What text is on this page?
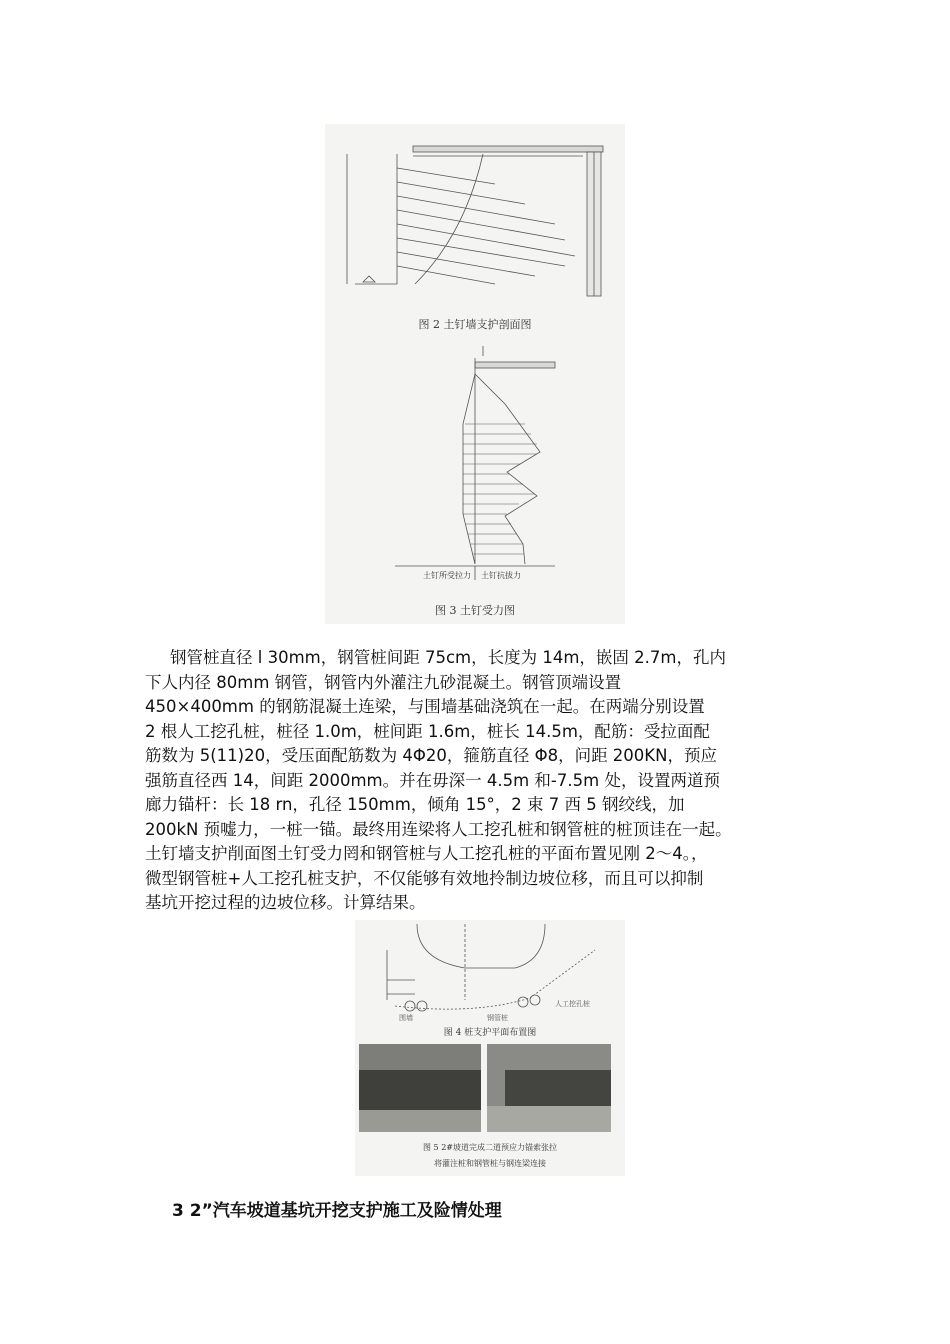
图 2 土钉墙支护剖面图
土钉所受拉力 土钉抗拔力
图 3 土钉受力图

钢管桩直径 l 30mm，钢管桩间距 75cm，长度为 14m，嵌固 2.7m，孔内

下人内径 80mm 钢管，钢管内外灌注九砂混凝土。钢管顶端设置

450×400mm 的钢筋混凝土连梁，与围墙基础浇筑在一起。在两端分别设置

2 根人工挖孔桩，桩径 1.0m，桩间距 1.6m，桩长 14.5m，配筋：受拉面配

筋数为 5(11)20，受压面配筋数为 4Φ20，箍筋直径 Φ8，问距 200KN，预应

强筋直径西 14，间距 2000mm。并在毋深一 4.5m 和-7.5m 处，设置两道预

廊力锚杆：长 18 rn，孔径 150mm，倾角 15°，2 束 7 西 5 钢绞线，加

200kN 预嘘力，一桩一锚。最终用连梁将人工挖孔桩和钢管桩的桩顶诖在一起。

土钉墙支护削面图土钉受力罔和钢管桩与人工挖孔桩的平面布置见刚 2～4。，

微型钢管桩+人工挖孔桩支护，不仅能够有效地拎制边坡位移，而且可以抑制

基坑开挖过程的边坡位移。计算结果。

围墙	钢管桩
人工挖孔桩
图 4 桩支护平面布置图
图 5 2#坡道完成二道预应力锚索张拉
将灌注桩和钢管桩与钢连梁连接
3 2”汽车坡道基坑开挖支护施工及险情处理
